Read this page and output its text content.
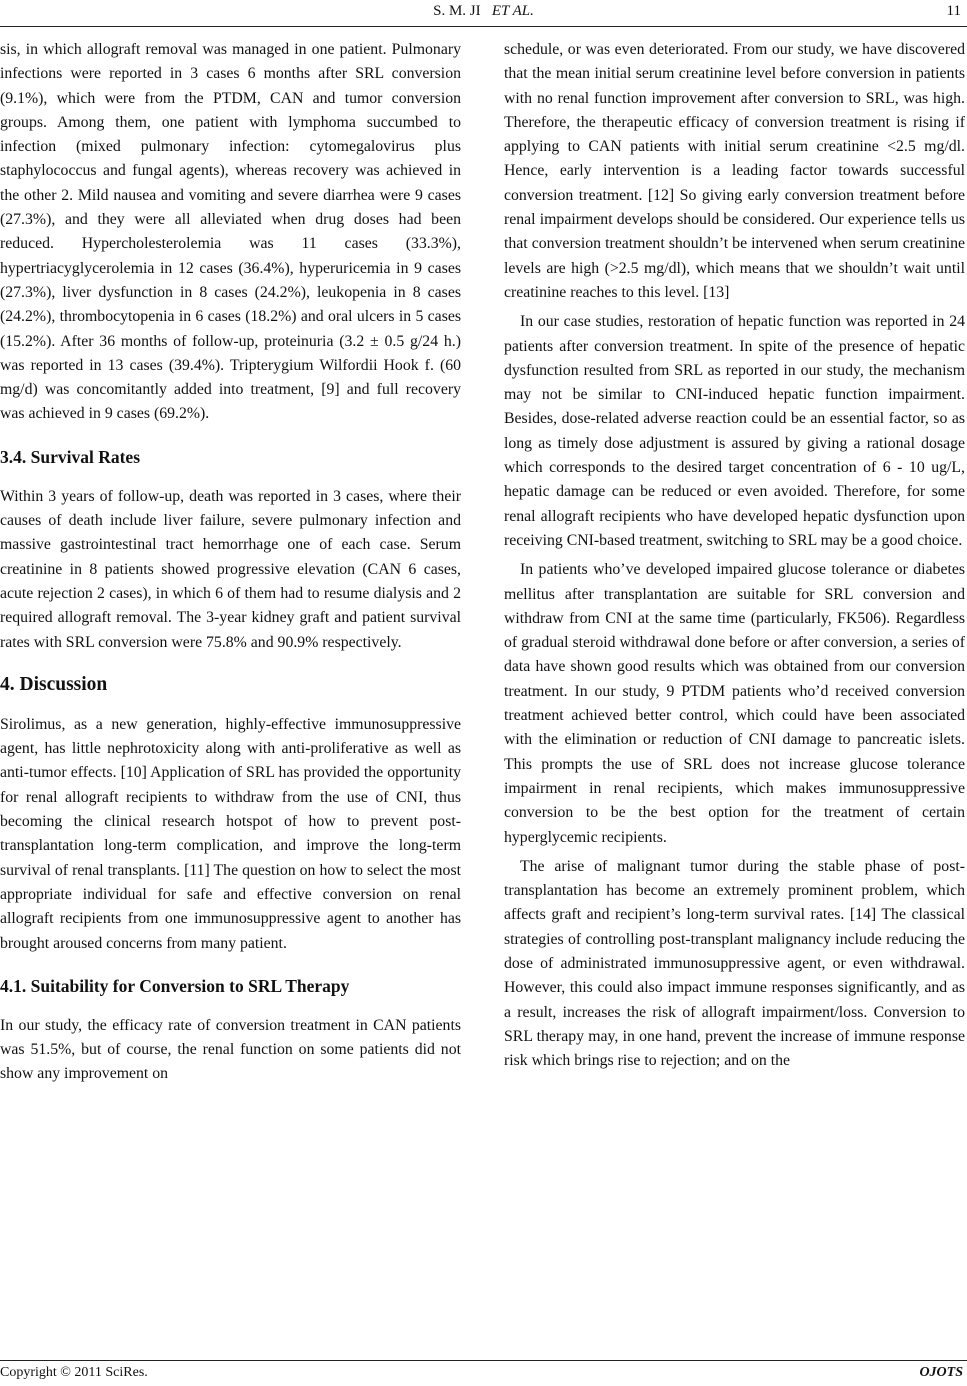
S. M. JI ET AL.	11

sis, in which allograft removal was managed in one patient. Pulmonary infections were reported in 3 cases 6 months after SRL conversion (9.1%), which were from the PTDM, CAN and tumor conversion groups. Among them, one patient with lymphoma succumbed to infection (mixed pulmonary infection: cytomegalovirus plus staphylococcus and fungal agents), whereas recovery was achieved in the other 2. Mild nausea and vomiting and severe diarrhea were 9 cases (27.3%), and they were all alleviated when drug doses had been reduced. Hypercholesterolemia was 11 cases (33.3%), hypertriacyglycerolemia in 12 cases (36.4%), hyperuricemia in 9 cases (27.3%), liver dysfunction in 8 cases (24.2%), leukopenia in 8 cases (24.2%), thrombocytopenia in 6 cases (18.2%) and oral ulcers in 5 cases (15.2%). After 36 months of follow-up, proteinuria (3.2 ± 0.5 g/24 h.) was reported in 13 cases (39.4%). Tripterygium Wilfordii Hook f. (60 mg/d) was concomitantly added into treatment, [9] and full recovery was achieved in 9 cases (69.2%).

3.4. Survival Rates

Within 3 years of follow-up, death was reported in 3 cases, where their causes of death include liver failure, severe pulmonary infection and massive gastrointestinal tract hemorrhage one of each case. Serum creatinine in 8 patients showed progressive elevation (CAN 6 cases, acute rejection 2 cases), in which 6 of them had to resume dialysis and 2 required allograft removal. The 3-year kidney graft and patient survival rates with SRL conversion were 75.8% and 90.9% respectively.

4. Discussion

Sirolimus, as a new generation, highly-effective immunosuppressive agent, has little nephrotoxicity along with anti-proliferative as well as anti-tumor effects. [10] Application of SRL has provided the opportunity for renal allograft recipients to withdraw from the use of CNI, thus becoming the clinical research hotspot of how to prevent post-transplantation long-term complication, and improve the long-term survival of renal transplants. [11] The question on how to select the most appropriate individual for safe and effective conversion on renal allograft recipients from one immunosuppressive agent to another has brought aroused concerns from many patient.

4.1. Suitability for Conversion to SRL Therapy

In our study, the efficacy rate of conversion treatment in CAN patients was 51.5%, but of course, the renal function on some patients did not show any improvement on

schedule, or was even deteriorated. From our study, we have discovered that the mean initial serum creatinine level before conversion in patients with no renal function improvement after conversion to SRL, was high. Therefore, the therapeutic efficacy of conversion treatment is rising if applying to CAN patients with initial serum creatinine <2.5 mg/dl. Hence, early intervention is a leading factor towards successful conversion treatment. [12] So giving early conversion treatment before renal impairment develops should be considered. Our experience tells us that conversion treatment shouldn’t be intervened when serum creatinine levels are high (>2.5 mg/dl), which means that we shouldn’t wait until creatinine reaches to this level. [13]

In our case studies, restoration of hepatic function was reported in 24 patients after conversion treatment. In spite of the presence of hepatic dysfunction resulted from SRL as reported in our study, the mechanism may not be similar to CNI-induced hepatic function impairment. Besides, dose-related adverse reaction could be an essential factor, so as long as timely dose adjustment is assured by giving a rational dosage which corresponds to the desired target concentration of 6 - 10 ug/L, hepatic damage can be reduced or even avoided. Therefore, for some renal allograft recipients who have developed hepatic dysfunction upon receiving CNI-based treatment, switching to SRL may be a good choice.

In patients who’ve developed impaired glucose tolerance or diabetes mellitus after transplantation are suitable for SRL conversion and withdraw from CNI at the same time (particularly, FK506). Regardless of gradual steroid withdrawal done before or after conversion, a series of data have shown good results which was obtained from our conversion treatment. In our study, 9 PTDM patients who’d received conversion treatment achieved better control, which could have been associated with the elimination or reduction of CNI damage to pancreatic islets. This prompts the use of SRL does not increase glucose tolerance impairment in renal recipients, which makes immunosuppressive conversion to be the best option for the treatment of certain hyperglycemic recipients.

The arise of malignant tumor during the stable phase of post-transplantation has become an extremely prominent problem, which affects graft and recipient’s long-term survival rates. [14] The classical strategies of controlling post-transplant malignancy include reducing the dose of administrated immunosuppressive agent, or even withdrawal. However, this could also impact immune responses significantly, and as a result, increases the risk of allograft impairment/loss. Conversion to SRL therapy may, in one hand, prevent the increase of immune response risk which brings rise to rejection; and on the

Copyright © 2011 SciRes.	OJOTS
